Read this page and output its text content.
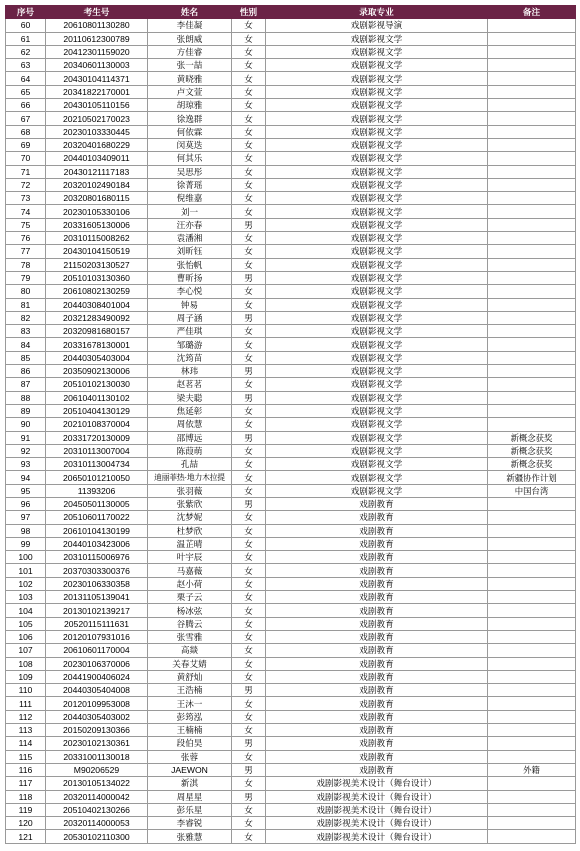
序号	考生号	姓名	性别	录取专业	备注
60	20610801130280	李佳凝	女	戏剧影视导演	
61	20110612300789	张朗威	女	戏剧影视文学	
62	20412301159020	方佳睿	女	戏剧影视文学	
63	20340601130003	张一喆	女	戏剧影视文学	
64	20430104114371	黄晓雅	女	戏剧影视文学	
65	20341822170001	卢文萱	女	戏剧影视文学	
66	20430105110156	胡琼雅	女	戏剧影视文学	
67	20210502170023	徐逸群	女	戏剧影视文学	
68	20230103330445	何依霖	女	戏剧影视文学	
69	20320401680229	闵莫迭	女	戏剧影视文学	
70	20440103409011	何其乐	女	戏剧影视文学	
71	20430121117183	吴思彤	女	戏剧影视文学	
72	20320102490184	徐菁瑶	女	戏剧影视文学	
73	20320801680115	倪维嘉	女	戏剧影视文学	
74	20230105330106	刘一	女	戏剧影视文学	
75	20331605130006	汪亦春	男	戏剧影视文学	
76	20310115008262	袁潘湘	女	戏剧影视文学	
77	20430104150519	刘昕钰	女	戏剧影视文学	
78	21150203130527	张怡帆	女	戏剧影视文学	
79	20510103130360	曹昕扬	男	戏剧影视文学	
80	20610802130259	李心悦	女	戏剧影视文学	
81	20440308401004	钟易	女	戏剧影视文学	
82	20321283490092	周子涵	男	戏剧影视文学	
83	20320981680157	严佳琪	女	戏剧影视文学	
84	20331678130001	邹璐游	女	戏剧影视文学	
85	20440305403004	沈筠苗	女	戏剧影视文学	
86	20350902130006	林玮	男	戏剧影视文学	
87	20510102130030	赵茗茗	女	戏剧影视文学	
88	20610401130102	梁夫聪	男	戏剧影视文学	
89	20510404130129	焦延彰	女	戏剧影视文学	
90	20210108370004	周依慧	女	戏剧影视文学	
91	20331720130009	邵博远	男	戏剧影视文学	新概念获奖
92	20310113007004	陈葭萌	女	戏剧影视文学	新概念获奖
93	20310113004734	孔喆	女	戏剧影视文学	新概念获奖
94	20650101210050	迪丽菲热·地力木拉提	女	戏剧影视文学	新疆协作计划
95	11393206	张羽薇	女	戏剧影视文学	中国台湾
96	20450501130005	张紫欣	男	戏剧教育	
97	20510601170022	沈梦妮	女	戏剧教育	
98	20610104130199	杜梦欣	女	戏剧教育	
99	20440103423006	温芷晴	女	戏剧教育	
100	20310115006976	叶宇辰	女	戏剧教育	
101	20370303300376	马嘉薇	女	戏剧教育	
102	20230106330358	赵小荷	女	戏剧教育	
103	20131105139041	栗子云	女	戏剧教育	
104	20130102139217	杨冰弦	女	戏剧教育	
105	20520115111631	谷腾云	女	戏剧教育	
106	20120107931016	张雪雅	女	戏剧教育	
107	20610601170004	高燚	女	戏剧教育	
108	20230106370006	关春艾婧	女	戏剧教育	
109	20441900406024	黄舒灿	女	戏剧教育	
110	20440305404008	王浩楠	男	戏剧教育	
111	20120109953008	王沐一	女	戏剧教育	
112	20440305403002	彭筠泓	女	戏剧教育	
113	20150209130366	王楠楠	女	戏剧教育	
114	20230102130361	段伯昊	男	戏剧教育	
115	20331001130018	张蓉	女	戏剧教育	
116	M90206529	JAEWON	男	戏剧教育	外籍
117	20130105134022	新淇	女	戏剧影视美术设计（舞台设计）	
118	20320114000042	周星星	男	戏剧影视美术设计（舞台设计）	
119	20510402130266	彭乐星	女	戏剧影视美术设计（舞台设计）	
120	20320114000053	李睿锐	女	戏剧影视美术设计（舞台设计）	
121	20530102110300	张雅慧	女	戏剧影视美术设计（舞台设计）	
